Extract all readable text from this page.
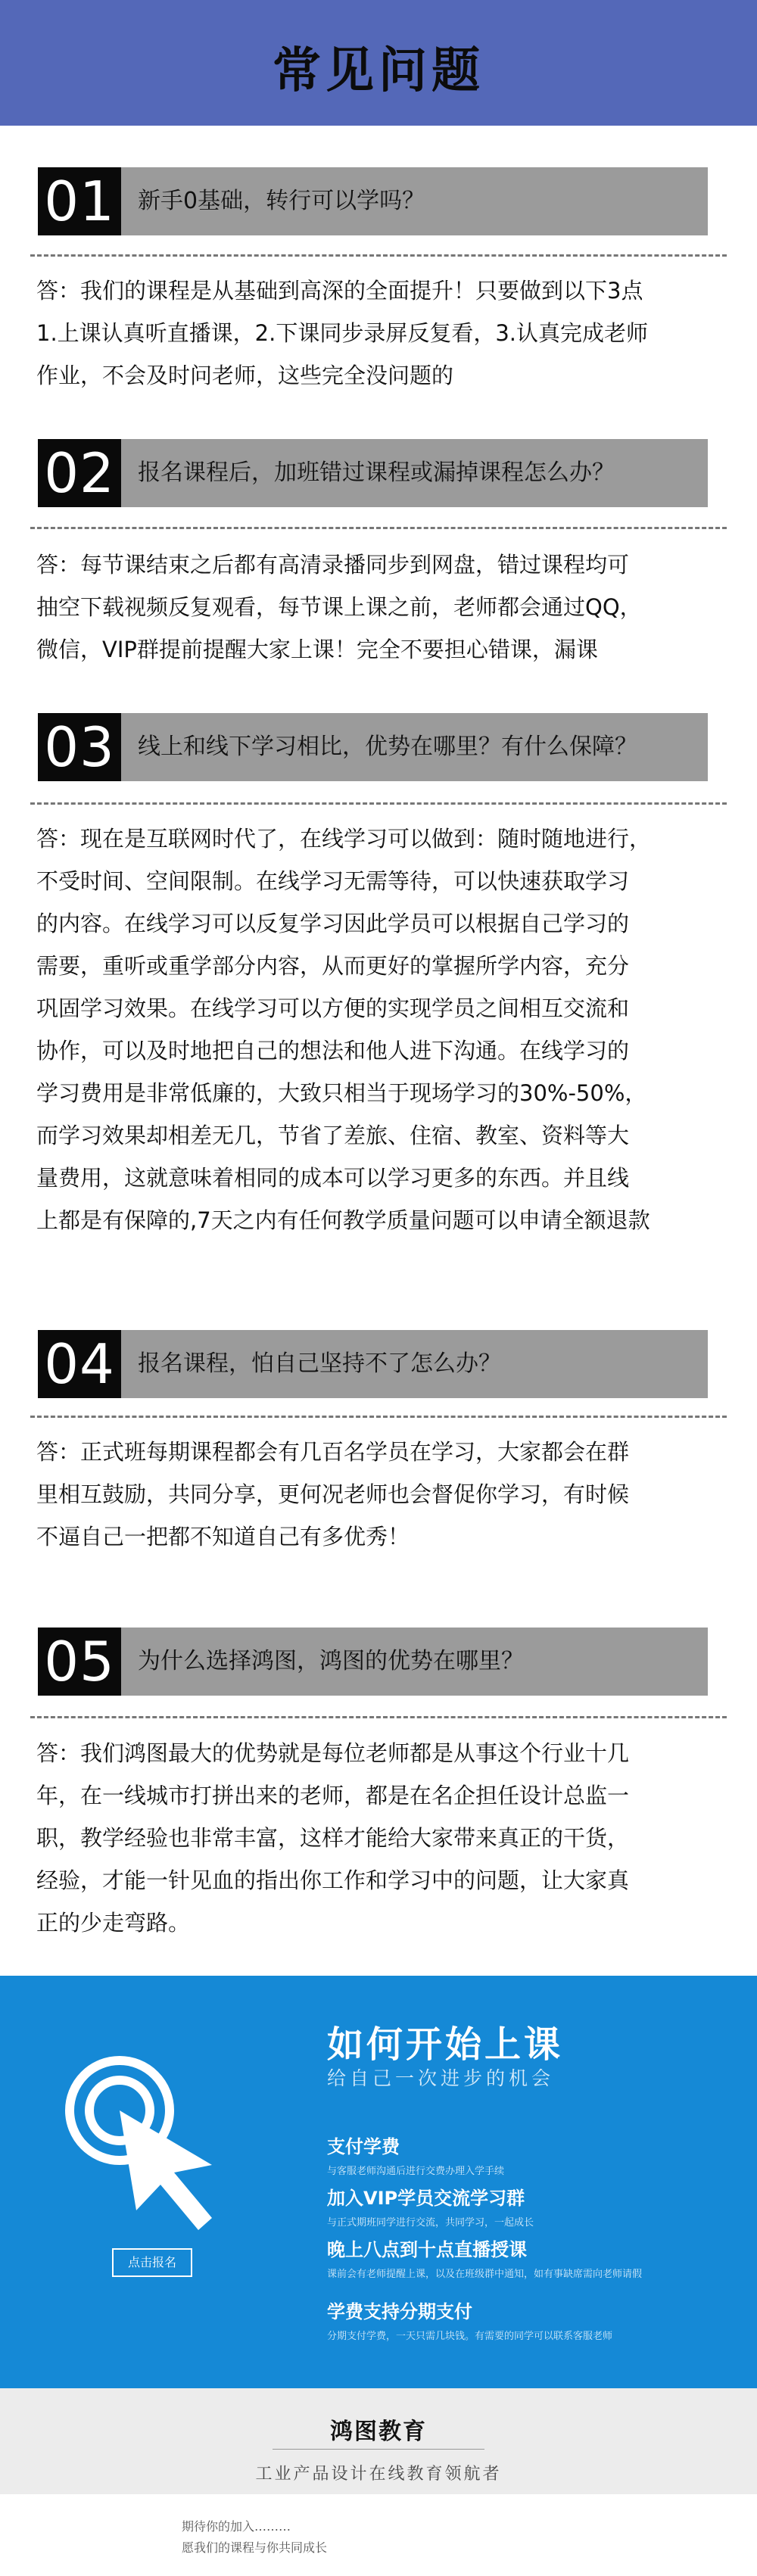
常见问题
01 新手0基础，转行可以学吗？
答：我们的课程是从基础到高深的全面提升！只要做到以下3点
1.上课认真听直播课，2.下课同步录屏反复看，3.认真完成老师
作业，不会及时问老师，这些完全没问题的
02 报名课程后，加班错过课程或漏掉课程怎么办？
答：每节课结束之后都有高清录播同步到网盘，错过课程均可
抽空下载视频反复观看，每节课上课之前，老师都会通过QQ，
微信，VIP群提前提醒大家上课！完全不要担心错课，漏课
03 线上和线下学习相比，优势在哪里？有什么保障？
答：现在是互联网时代了，在线学习可以做到：随时随地进行，
不受时间、空间限制。在线学习无需等待，可以快速获取学习
的内容。在线学习可以反复学习因此学员可以根据自己学习的
需要，重听或重学部分内容，从而更好的掌握所学内容，充分
巩固学习效果。在线学习可以方便的实现学员之间相互交流和
协作，可以及时地把自己的想法和他人进下沟通。在线学习的
学习费用是非常低廉的，大致只相当于现场学习的30%-50%，
而学习效果却相差无几，节省了差旅、住宿、教室、资料等大
量费用，这就意味着相同的成本可以学习更多的东西。并且线
上都是有保障的,7天之内有任何教学质量问题可以申请全额退款
04 报名课程，怕自己坚持不了怎么办？
答：正式班每期课程都会有几百名学员在学习，大家都会在群
里相互鼓励，共同分享，更何况老师也会督促你学习，有时候
不逼自己一把都不知道自己有多优秀！
05 为什么选择鸿图，鸿图的优势在哪里？
答：我们鸿图最大的优势就是每位老师都是从事这个行业十几
年，在一线城市打拼出来的老师，都是在名企担任设计总监一
职，教学经验也非常丰富，这样才能给大家带来真正的干货，
经验，才能一针见血的指出你工作和学习中的问题，让大家真
正的少走弯路。
点击报名
如何开始上课
给自己一次进步的机会
支付学费
与客服老师沟通后进行交费办理入学手续
加入VIP学员交流学习群
与正式期班同学进行交流，共同学习，一起成长
晚上八点到十点直播授课
课前会有老师提醒上课，以及在班级群中通知，如有事缺席需向老师请假
学费支持分期支付
分期支付学费，一天只需几块钱。有需要的同学可以联系客服老师
鸿图教育
工业产品设计在线教育领航者
期待你的加入………
愿我们的课程与你共同成长
